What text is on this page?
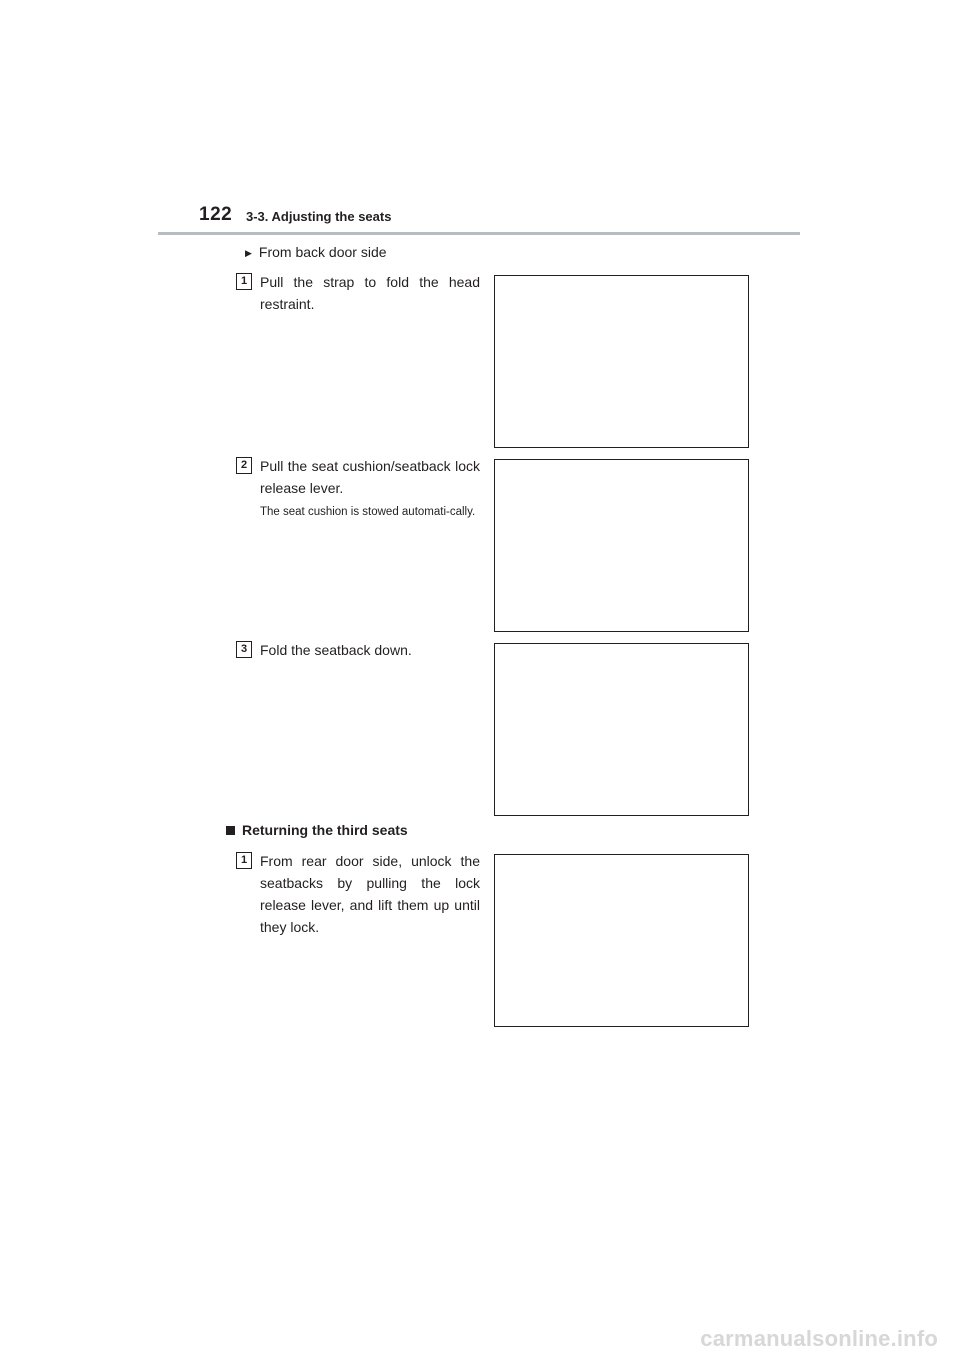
122 3-3. Adjusting the seats
▶ From back door side
1 Pull the strap to fold the head restraint.
2 Pull the seat cushion/seatback lock release lever.
The seat cushion is stowed automati-cally.
3 Fold the seatback down.
Returning the third seats
1 From rear door side, unlock the seatbacks by pulling the lock release lever, and lift them up until they lock.
carmanualsonline.info
